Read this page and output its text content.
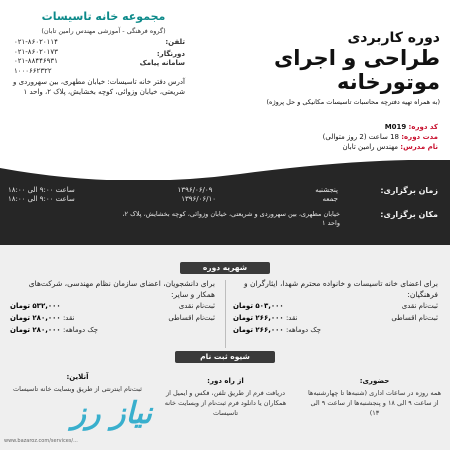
مجموعه خانه تاسیسات
(گروه فرهنگی - آموزشی مهندس رامین تابان)
تلفن:
۰۲۱-۸۶۰۲۰۱۱۴
۰۲۱-۸۶۰۲۰۱۷۳
۰۲۱-۸۸۴۴۶۹۳۱
۱۰۰۰۶۶۲۳۲۲
دورنگار:
سامانه پیامک
آدرس دفتر خانه تاسیسات: خیابان مطهری، بین سهروردی و شریعتی، خیابان وزوائی، کوچه بخشایش، پلاک ۲، واحد ۱
دوره کاربردی
طراحی و اجرای
موتورخانه
(به همراه تهیه دفترچه محاسبات تاسیسات مکانیکی و حل پروژه)
کد دوره: M019
مدت دوره: 18 ساعت (2 روز متوالی)
نام مدرس: مهندس رامین تابان
زمان برگزاری:
پنجشنبه
۱۳۹۶/۰۶/۰۹
ساعت ۹:۰۰ الی ۱۸:۰۰
جمعه
۱۳۹۶/۰۶/۱۰
ساعت ۹:۰۰ الی ۱۸:۰۰
مکان برگزاری:
خیابان مطهری، بین سهروردی و شریعتی، خیابان وزوائی، کوچه بخشایش، پلاک ۲، واحد ۱
شهریه دوره
برای اعضای خانه تاسیسات و خانواده محترم شهدا، ایثارگران و فرهنگیان:
ثبت‌نام نقدی
۵۰۳,۰۰۰ تومان
ثبت‌نام اقساطی
نقد: ۲۶۶,۰۰۰ تومان
چک دوماهه: ۲۶۶,۰۰۰ تومان
برای دانشجویان، اعضای سازمان نظام مهندسی، شرکت‌های همکار و سایر:
ثبت‌نام نقدی
۵۳۲,۰۰۰ تومان
ثبت‌نام اقساطی
نقد: ۲۸۰,۰۰۰ تومان
چک دوماهه: ۲۸۰,۰۰۰ تومان
شیوه ثبت نام
حضوری:
همه روزه در ساعات اداری (شنبه‌ها تا چهارشنبه‌ها از ساعت ۹ الی ۱۸ و پنجشنبه‌ها از ساعت ۹ الی ۱۳)
از راه دور:
دریافت فرم از طریق تلفن، فکس و ایمیل از همکاران یا دانلود فرم ثبت‌نام از وبسایت خانه تاسیسات
آنلاین:
ثبت‌نام اینترنتی از طریق وبسایت خانه تاسیسات
نیاز رز
www.bazaroz.com/services/...
